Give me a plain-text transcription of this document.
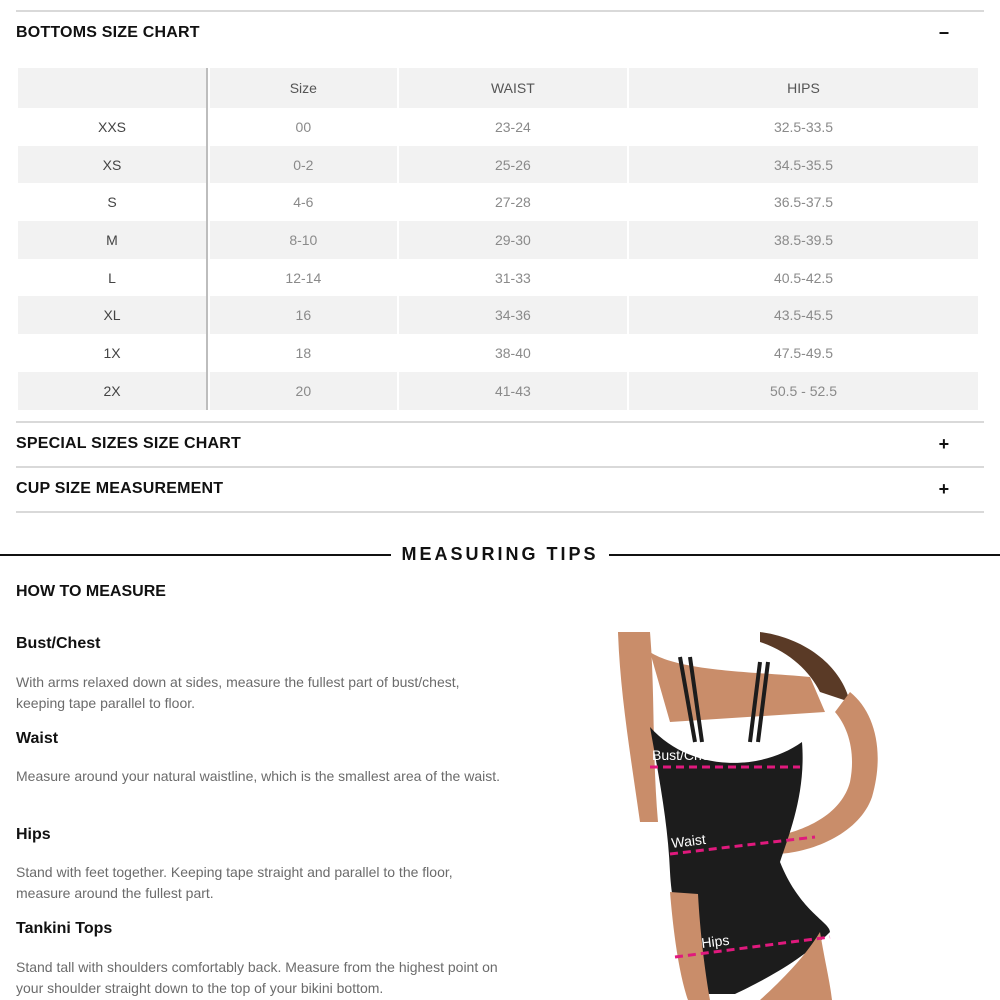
BOTTOMS SIZE CHART	−
	Size	WAIST	HIPS
XXS	00	23-24	32.5-33.5
XS	0-2	25-26	34.5-35.5
S	4-6	27-28	36.5-37.5
M	8-10	29-30	38.5-39.5
L	12-14	31-33	40.5-42.5
XL	16	34-36	43.5-45.5
1X	18	38-40	47.5-49.5
2X	20	41-43	50.5 - 52.5
SPECIAL SIZES SIZE CHART	+
CUP SIZE MEASUREMENT	+
MEASURING TIPS
HOW TO MEASURE
Bust/Chest
With arms relaxed down at sides, measure the fullest part of bust/chest, keeping tape parallel to floor.
Waist
Measure around your natural waistline, which is the smallest area of the waist.
Hips
Stand with feet together. Keeping tape straight and parallel to the floor, measure around the fullest part.
Tankini Tops
Stand tall with shoulders comfortably back. Measure from the highest point on your shoulder straight down to the top of your bikini bottom.
Bust/Chest
Waist
Hips
